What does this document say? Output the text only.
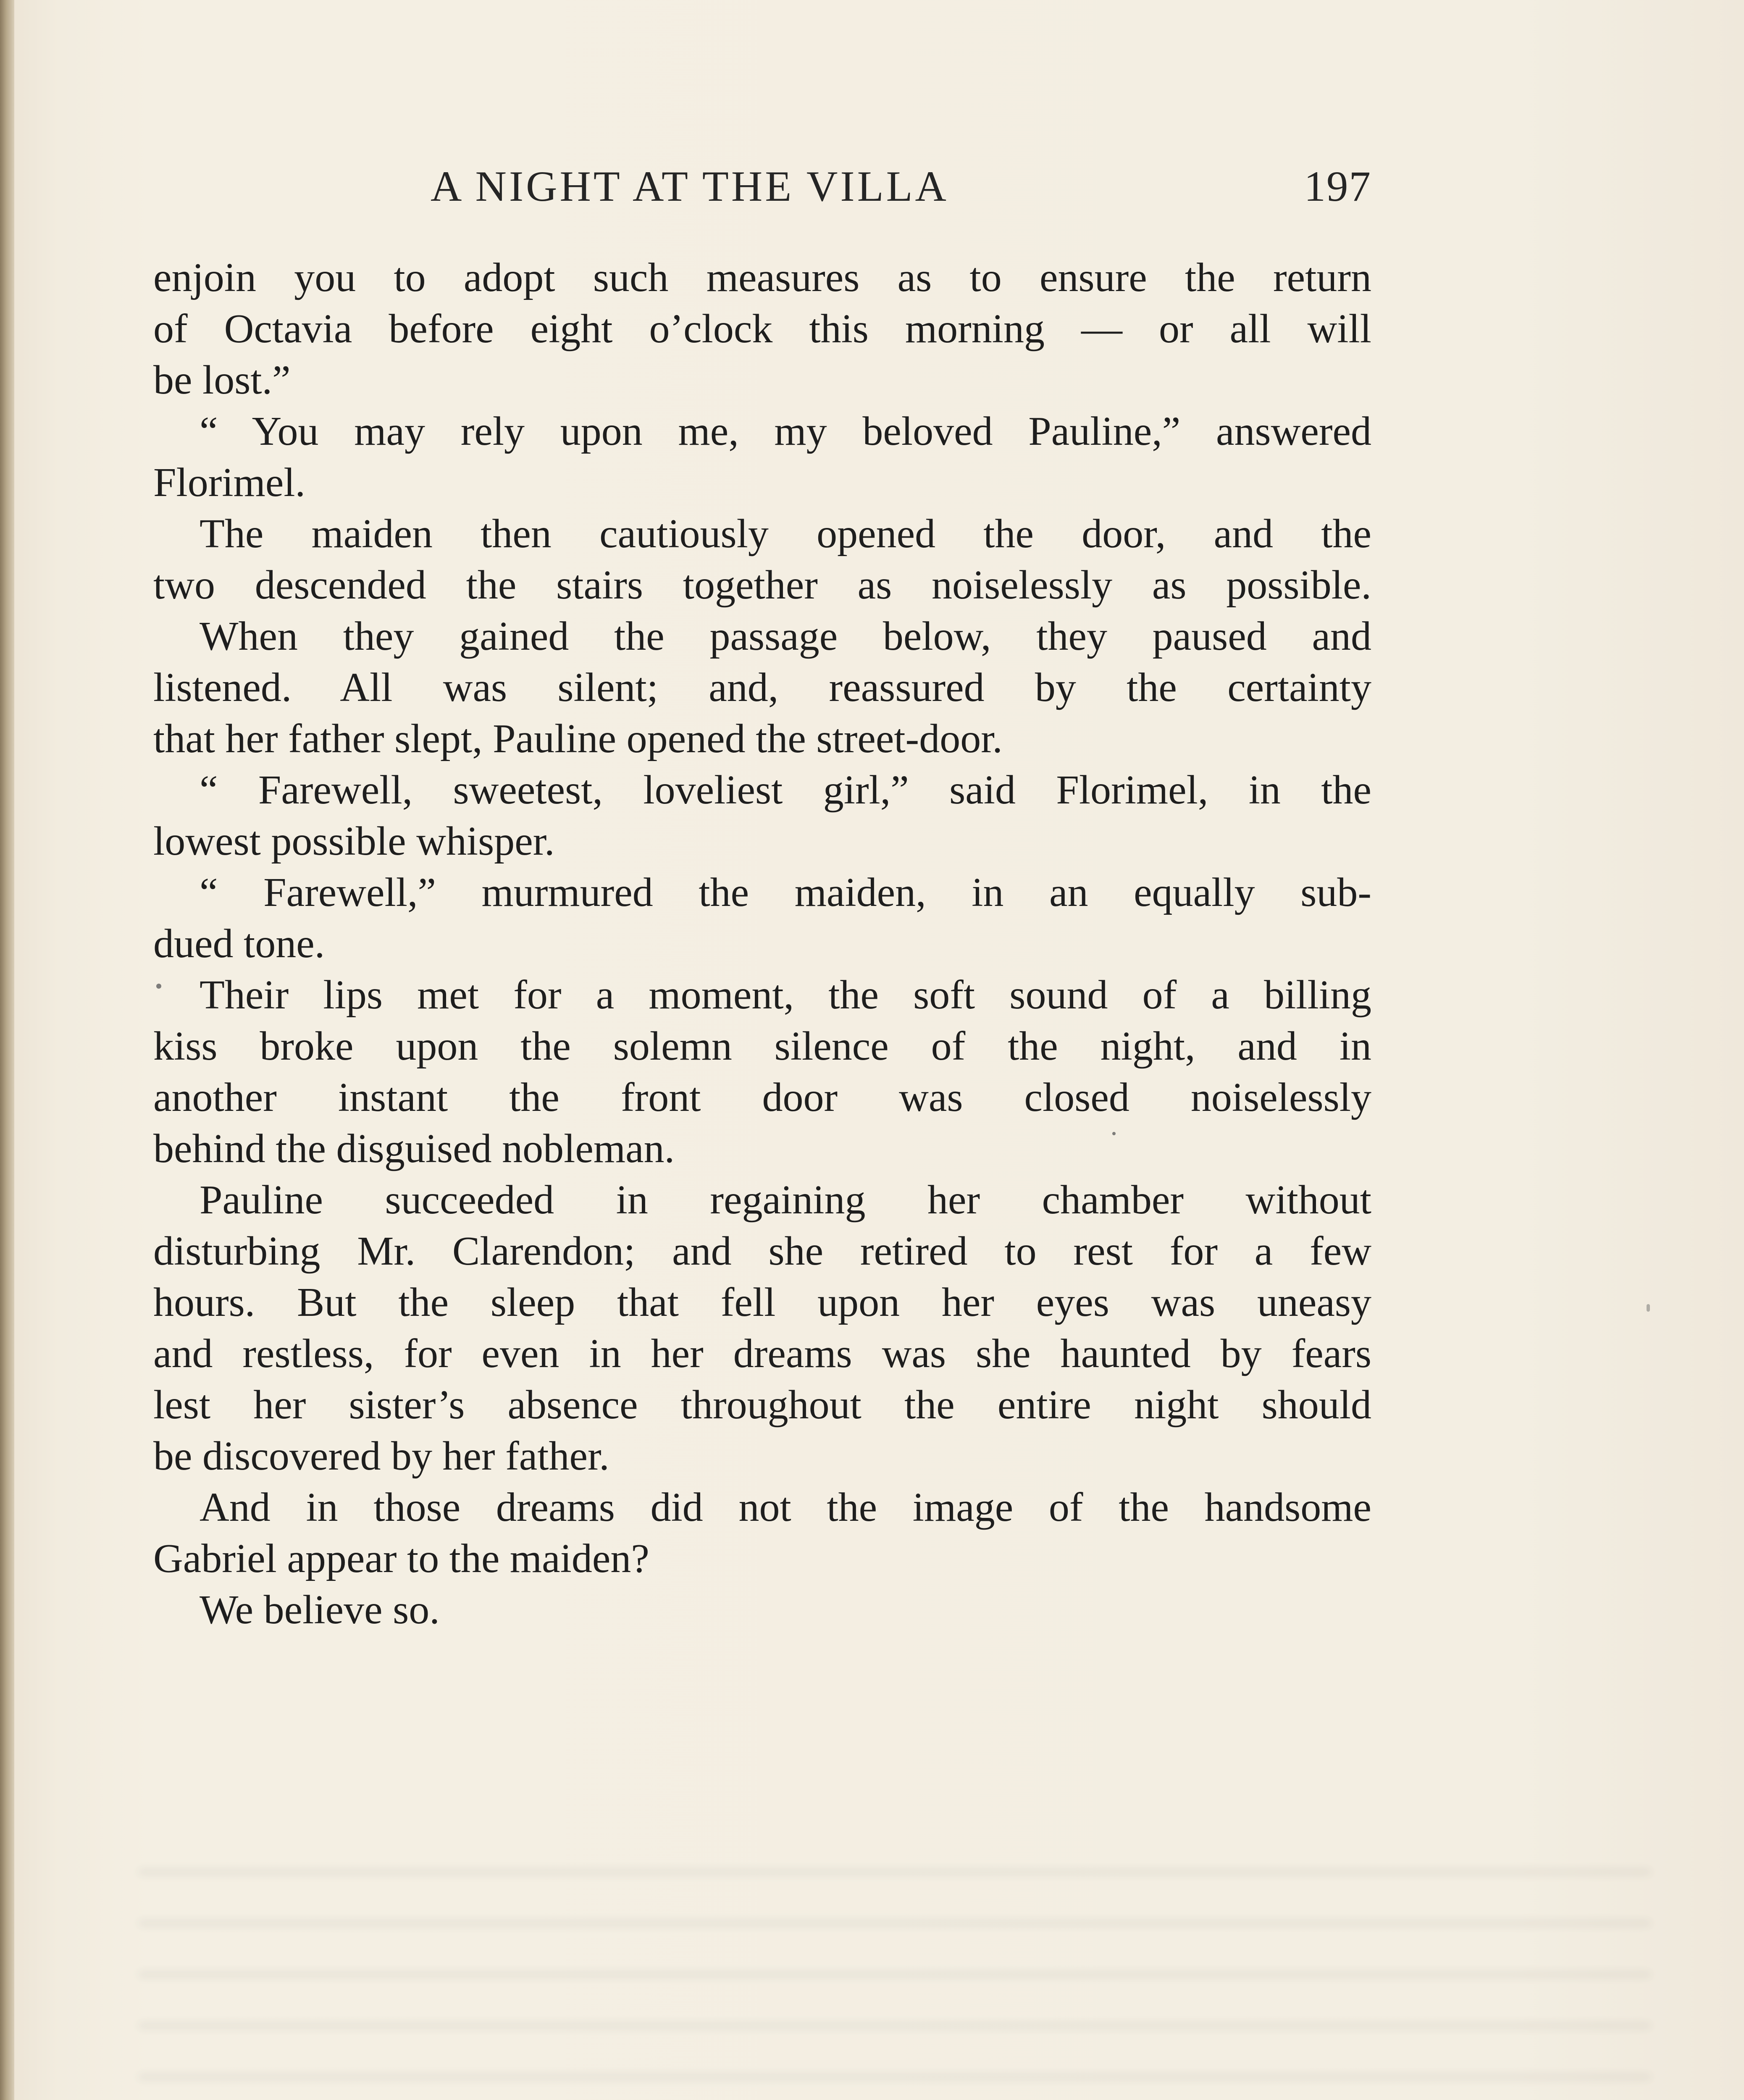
A NIGHT AT THE VILLA	197
enjoin you to adopt such measures as to ensure the return
of Octavia before eight o’clock this morning — or all will
be lost.”
“ You may rely upon me, my beloved Pauline,” answered
Florimel.
The maiden then cautiously opened the door, and the
two descended the stairs together as noiselessly as possible.
When they gained the passage below, they paused and
listened. All was silent; and, reassured by the certainty
that her father slept, Pauline opened the street-door.
“ Farewell, sweetest, loveliest girl,” said Florimel, in the
lowest possible whisper.
“ Farewell,” murmured the maiden, in an equally sub-
dued tone.
Their lips met for a moment, the soft sound of a billing
kiss broke upon the solemn silence of the night, and in
another instant the front door was closed noiselessly
behind the disguised nobleman.
Pauline succeeded in regaining her chamber without
disturbing Mr. Clarendon; and she retired to rest for a few
hours. But the sleep that fell upon her eyes was uneasy
and restless, for even in her dreams was she haunted by fears
lest her sister’s absence throughout the entire night should
be discovered by her father.
And in those dreams did not the image of the handsome
Gabriel appear to the maiden?
We believe so.
